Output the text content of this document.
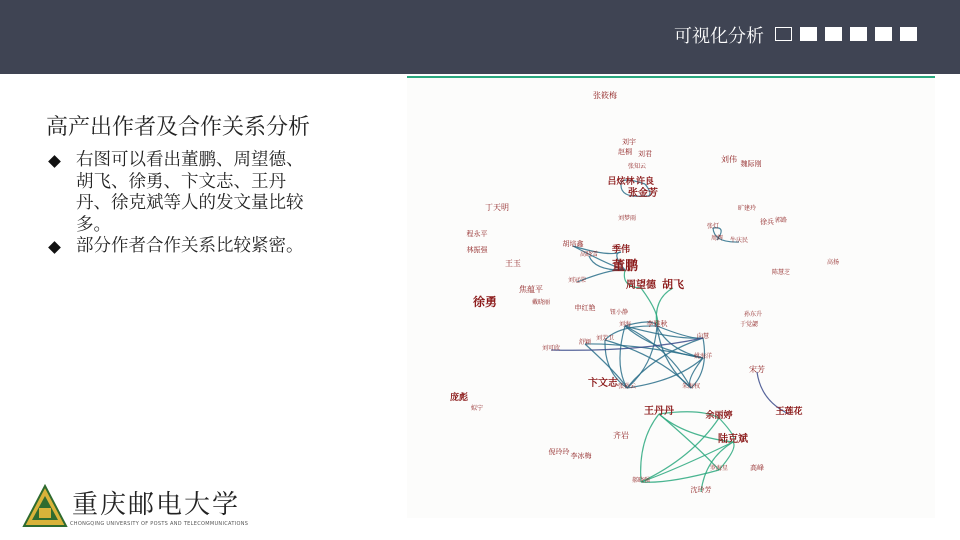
可视化分析
高产出作者及合作关系分析
右图可以看出董鹏、周望德、胡飞、徐勇、卞文志、王丹丹、徐克斌等人的发文量比较多。
部分作者合作关系比较紧密。
张筱梅
刘宇
赵桐 刘君
张知云
刘伟 魏际刚
吕炫林 许良
张金芳
丁天明
刘梦雨
旷建玲
徐兵 郭路
张灯
周辉 牛庆民
程永平
胡培鑫
高晓雪 季伟
林振强
董鹏	陈慧芝
高扬
王玉
刘冠荣
焦蕴平	周望德 胡飞
戴晓丽
徐勇	申红艳
钮小静	孙东升
于觉勰
李雅秋
刘海
刘芳卫	向慧
舒颖
刘可欣
姚海洋
卞文志 张孙云	朱海权
宋芳
王莲花
庞彪
姒宁	王丹丹	余丽婷
齐岩	陆克斌
倪玲玲 李冰梅
罗海星	高峰
郝晓强
沈玲芳
重庆邮电大学
CHONGQING UNIVERSITY OF POSTS AND TELECOMMUNICATIONS
